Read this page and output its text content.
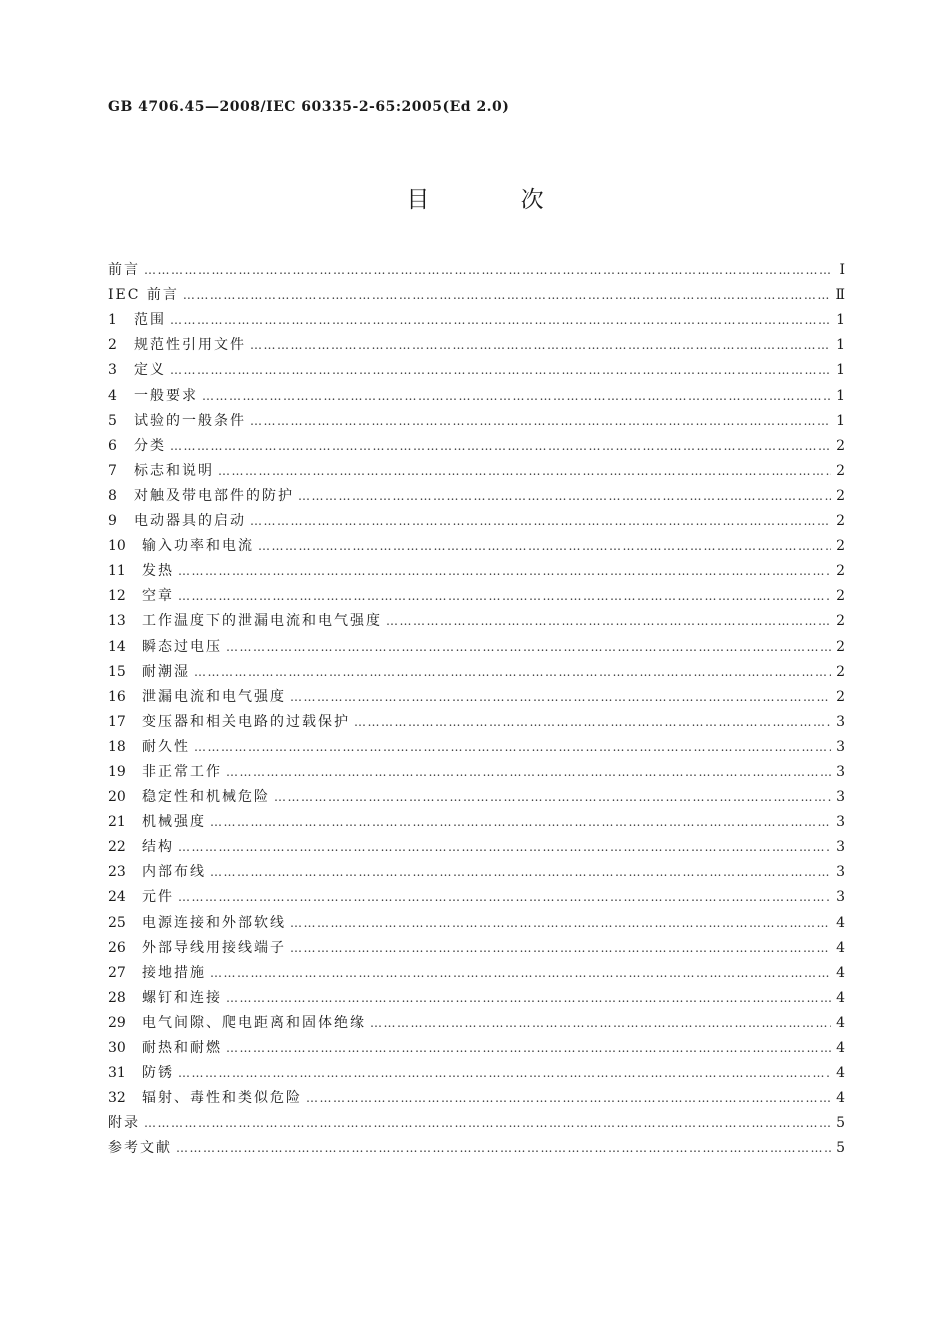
GB 4706.45—2008/IEC 60335-2-65:2005(Ed 2.0)
目 次
前言 ……………………………………………………………………………………………………………………………………………………………………………………	Ⅰ
IEC 前言 ……………………………………………………………………………………………………………………………………………………………………………………	Ⅱ
1	范围 ……………………………………………………………………………………………………………………………………………………………………………………	1
2	规范性引用文件 ……………………………………………………………………………………………………………………………………………………………………………………	1
3	定义 ……………………………………………………………………………………………………………………………………………………………………………………	1
4	一般要求 ……………………………………………………………………………………………………………………………………………………………………………………	1
5	试验的一般条件 ……………………………………………………………………………………………………………………………………………………………………………………	1
6	分类 ……………………………………………………………………………………………………………………………………………………………………………………	2
7	标志和说明 ……………………………………………………………………………………………………………………………………………………………………………………	2
8	对触及带电部件的防护 ……………………………………………………………………………………………………………………………………………………………………………………	2
9	电动器具的启动 ……………………………………………………………………………………………………………………………………………………………………………………	2
10	输入功率和电流 ……………………………………………………………………………………………………………………………………………………………………………………	2
11	发热 ……………………………………………………………………………………………………………………………………………………………………………………	2
12	空章 ……………………………………………………………………………………………………………………………………………………………………………………	2
13	工作温度下的泄漏电流和电气强度 ……………………………………………………………………………………………………………………………………………………………………………………	2
14	瞬态过电压 ……………………………………………………………………………………………………………………………………………………………………………………	2
15	耐潮湿 ……………………………………………………………………………………………………………………………………………………………………………………	2
16	泄漏电流和电气强度 ……………………………………………………………………………………………………………………………………………………………………………………	2
17	变压器和相关电路的过载保护 ……………………………………………………………………………………………………………………………………………………………………………………	3
18	耐久性 ……………………………………………………………………………………………………………………………………………………………………………………	3
19	非正常工作 ……………………………………………………………………………………………………………………………………………………………………………………	3
20	稳定性和机械危险 ……………………………………………………………………………………………………………………………………………………………………………………	3
21	机械强度 ……………………………………………………………………………………………………………………………………………………………………………………	3
22	结构 ……………………………………………………………………………………………………………………………………………………………………………………	3
23	内部布线 ……………………………………………………………………………………………………………………………………………………………………………………	3
24	元件 ……………………………………………………………………………………………………………………………………………………………………………………	3
25	电源连接和外部软线 ……………………………………………………………………………………………………………………………………………………………………………………	4
26	外部导线用接线端子 ……………………………………………………………………………………………………………………………………………………………………………………	4
27	接地措施 ……………………………………………………………………………………………………………………………………………………………………………………	4
28	螺钉和连接 ……………………………………………………………………………………………………………………………………………………………………………………	4
29	电气间隙、爬电距离和固体绝缘 ……………………………………………………………………………………………………………………………………………………………………………………	4
30	耐热和耐燃 ……………………………………………………………………………………………………………………………………………………………………………………	4
31	防锈 ……………………………………………………………………………………………………………………………………………………………………………………	4
32	辐射、毒性和类似危险 ……………………………………………………………………………………………………………………………………………………………………………………	4
附录 ……………………………………………………………………………………………………………………………………………………………………………………	5
参考文献 ……………………………………………………………………………………………………………………………………………………………………………………	5
